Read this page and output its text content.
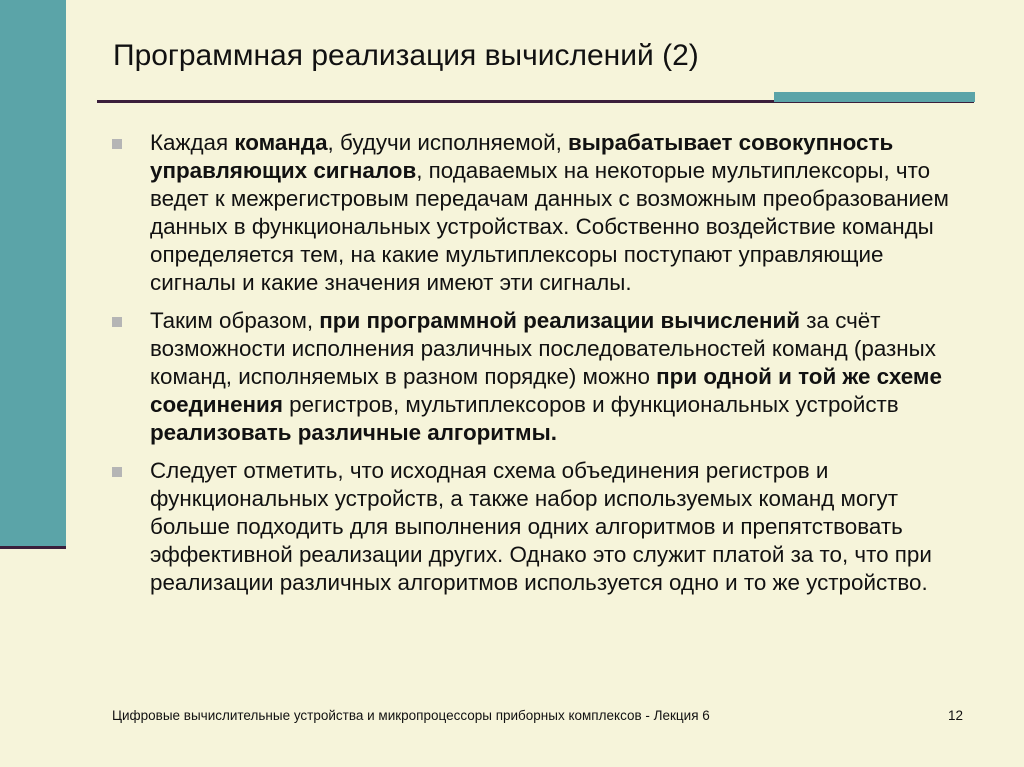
Программная реализация вычислений (2)
Каждая команда, будучи исполняемой, вырабатывает совокупность управляющих сигналов, подаваемых на некоторые мультиплексоры, что ведет к межрегистровым передачам данных с возможным преобразованием данных в функциональных устройствах. Собственно воздействие команды определяется тем, на какие мультиплексоры поступают управляющие сигналы и какие значения имеют эти сигналы.
Таким образом, при программной реализации вычислений за счёт возможности исполнения различных последовательностей команд (разных команд, исполняемых в разном порядке) можно при одной и той же схеме соединения регистров, мультиплексоров и функциональных устройств реализовать различные алгоритмы.
Следует отметить, что исходная схема объединения регистров и функциональных устройств, а также набор используемых команд могут больше подходить для выполнения одних алгоритмов и препятствовать эффективной реализации других. Однако это служит платой за то, что при реализации различных алгоритмов используется одно и то же устройство.
Цифровые вычислительные устройства и микропроцессоры приборных комплексов - Лекция 6	12
